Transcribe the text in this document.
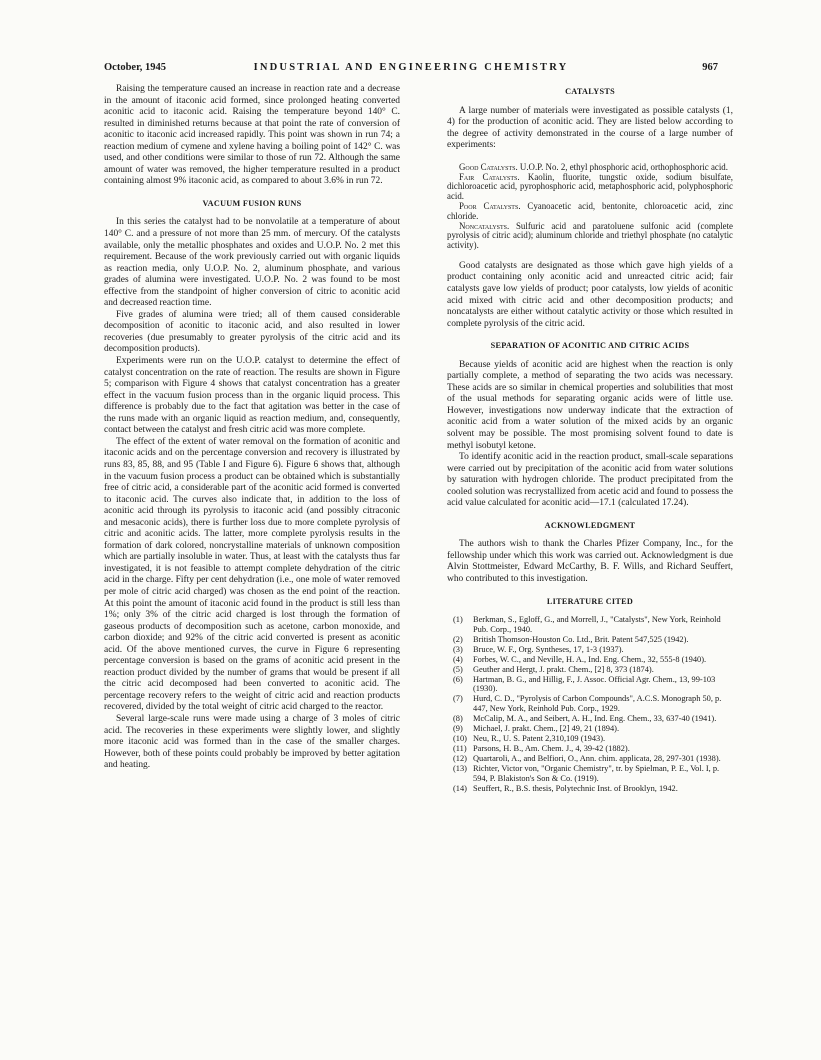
October, 1945	INDUSTRIAL AND ENGINEERING CHEMISTRY	967

Raising the temperature caused an increase in reaction rate and a decrease in the amount of itaconic acid formed, since prolonged heating converted aconitic acid to itaconic acid. Raising the temperature beyond 140° C. resulted in diminished returns because at that point the rate of conversion of aconitic to itaconic acid increased rapidly. This point was shown in run 74; a reaction medium of cymene and xylene having a boiling point of 142° C. was used, and other conditions were similar to those of run 72. Although the same amount of water was removed, the higher temperature resulted in a product containing almost 9% itaconic acid, as compared to about 3.6% in run 72.

VACUUM FUSION RUNS

In this series the catalyst had to be nonvolatile at a temperature of about 140° C. and a pressure of not more than 25 mm. of mercury. Of the catalysts available, only the metallic phosphates and oxides and U.O.P. No. 2 met this requirement. Because of the work previously carried out with organic liquids as reaction media, only U.O.P. No. 2, aluminum phosphate, and various grades of alumina were investigated. U.O.P. No. 2 was found to be most effective from the standpoint of higher conversion of citric to aconitic acid and decreased reaction time.

Five grades of alumina were tried; all of them caused considerable decomposition of aconitic to itaconic acid, and also resulted in lower recoveries (due presumably to greater pyrolysis of the citric acid and its decomposition products).

Experiments were run on the U.O.P. catalyst to determine the effect of catalyst concentration on the rate of reaction. The results are shown in Figure 5; comparison with Figure 4 shows that catalyst concentration has a greater effect in the vacuum fusion process than in the organic liquid process. This difference is probably due to the fact that agitation was better in the case of the runs made with an organic liquid as reaction medium, and, consequently, contact between the catalyst and fresh citric acid was more complete.

The effect of the extent of water removal on the formation of aconitic and itaconic acids and on the percentage conversion and recovery is illustrated by runs 83, 85, 88, and 95 (Table I and Figure 6). Figure 6 shows that, although in the vacuum fusion process a product can be obtained which is substantially free of citric acid, a considerable part of the aconitic acid formed is converted to itaconic acid. The curves also indicate that, in addition to the loss of aconitic acid through its pyrolysis to itaconic acid (and possibly citraconic and mesaconic acids), there is further loss due to more complete pyrolysis of citric and aconitic acids. The latter, more complete pyrolysis results in the formation of dark colored, noncrystalline materials of unknown composition which are partially insoluble in water. Thus, at least with the catalysts thus far investigated, it is not feasible to attempt complete dehydration of the citric acid in the charge. Fifty per cent dehydration (i.e., one mole of water removed per mole of citric acid charged) was chosen as the end point of the reaction. At this point the amount of itaconic acid found in the product is still less than 1%; only 3% of the citric acid charged is lost through the formation of gaseous products of decomposition such as acetone, carbon monoxide, and carbon dioxide; and 92% of the citric acid converted is present as aconitic acid. Of the above mentioned curves, the curve in Figure 6 representing percentage conversion is based on the grams of aconitic acid present in the reaction product divided by the number of grams that would be present if all the citric acid decomposed had been converted to aconitic acid. The percentage recovery refers to the weight of citric acid and reaction products recovered, divided by the total weight of citric acid charged to the reactor.

Several large-scale runs were made using a charge of 3 moles of citric acid. The recoveries in these experiments were slightly lower, and slightly more itaconic acid was formed than in the case of the smaller charges. However, both of these points could probably be improved by better agitation and heating.

CATALYSTS

A large number of materials were investigated as possible catalysts (1, 4) for the production of aconitic acid. They are listed below according to the degree of activity demonstrated in the course of a large number of experiments:

Good Catalysts. U.O.P. No. 2, ethyl phosphoric acid, orthophosphoric acid.

Fair Catalysts. Kaolin, fluorite, tungstic oxide, sodium bisulfate, dichloroacetic acid, pyrophosphoric acid, metaphosphoric acid, polyphosphoric acid.

Poor Catalysts. Cyanoacetic acid, bentonite, chloroacetic acid, zinc chloride.

Noncatalysts. Sulfuric acid and paratoluene sulfonic acid (complete pyrolysis of citric acid); aluminum chloride and triethyl phosphate (no catalytic activity).

Good catalysts are designated as those which gave high yields of a product containing only aconitic acid and unreacted citric acid; fair catalysts gave low yields of product; poor catalysts, low yields of aconitic acid mixed with citric acid and other decomposition products; and noncatalysts are either without catalytic activity or those which resulted in complete pyrolysis of the citric acid.

SEPARATION OF ACONITIC AND CITRIC ACIDS

Because yields of aconitic acid are highest when the reaction is only partially complete, a method of separating the two acids was necessary. These acids are so similar in chemical properties and solubilities that most of the usual methods for separating organic acids were of little use. However, investigations now underway indicate that the extraction of aconitic acid from a water solution of the mixed acids by an organic solvent may be possible. The most promising solvent found to date is methyl isobutyl ketone.

To identify aconitic acid in the reaction product, small-scale separations were carried out by precipitation of the aconitic acid from water solutions by saturation with hydrogen chloride. The product precipitated from the cooled solution was recrystallized from acetic acid and found to possess the acid value calculated for aconitic acid—17.1 (calculated 17.24).

ACKNOWLEDGMENT

The authors wish to thank the Charles Pfizer Company, Inc., for the fellowship under which this work was carried out. Acknowledgment is due Alvin Stottmeister, Edward McCarthy, B. F. Wills, and Richard Seuffert, who contributed to this investigation.

LITERATURE CITED
(1) Berkman, S., Egloff, G., and Morrell, J., "Catalysts", New York, Reinhold Pub. Corp., 1940.
(2) British Thomson-Houston Co. Ltd., Brit. Patent 547,525 (1942).
(3) Bruce, W. F., Org. Syntheses, 17, 1-3 (1937).
(4) Forbes, W. C., and Neville, H. A., Ind. Eng. Chem., 32, 555-8 (1940).
(5) Geuther and Hergt, J. prakt. Chem., [2] 8, 373 (1874).
(6) Hartman, B. G., and Hillig, F., J. Assoc. Official Agr. Chem., 13, 99-103 (1930).
(7) Hurd, C. D., "Pyrolysis of Carbon Compounds", A.C.S. Monograph 50, p. 447, New York, Reinhold Pub. Corp., 1929.
(8) McCalip, M. A., and Seibert, A. H., Ind. Eng. Chem., 33, 637-40 (1941).
(9) Michael, J. prakt. Chem., [2] 49, 21 (1894).
(10) Neu, R., U. S. Patent 2,310,109 (1943).
(11) Parsons, H. B., Am. Chem. J., 4, 39-42 (1882).
(12) Quartaroli, A., and Belfiori, O., Ann. chim. applicata, 28, 297-301 (1938).
(13) Richter, Victor von, "Organic Chemistry", tr. by Spielman, P. E., Vol. I, p. 594, P. Blakiston's Son & Co. (1919).
(14) Seuffert, R., B.S. thesis, Polytechnic Inst. of Brooklyn, 1942.
